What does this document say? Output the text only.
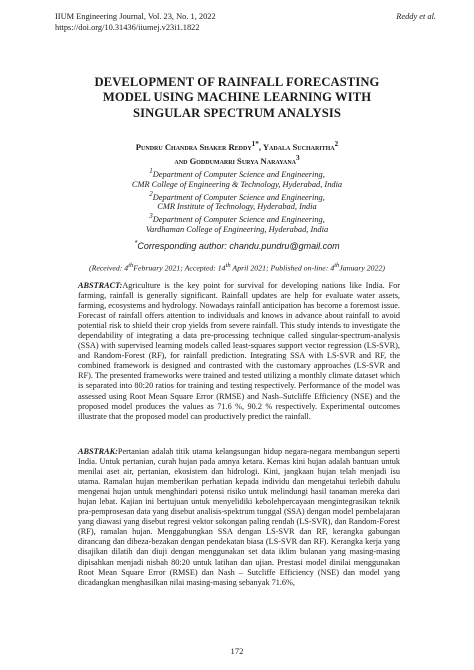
IIUM Engineering Journal, Vol. 23, No. 1, 2022	Reddy et al.
https://doi.org/10.31436/iiumej.v23i1.1822
DEVELOPMENT OF RAINFALL FORECASTING
MODEL USING MACHINE LEARNING WITH
SINGULAR SPECTRUM ANALYSIS
Pundru Chandra Shaker Reddy$^{1*}$, Yadala Sucharitha$^2$
and Goddumarri Surya Narayana$^3$
$^1$Department of Computer Science and Engineering,
CMR College of Engineering & Technology, Hyderabad, India
$^2$Department of Computer Science and Engineering,
CMR Institute of Technology, Hyderabad, India
$^3$Department of Computer Science and Engineering,
Vardhaman College of Engineering, Hyderabad, India
*Corresponding author: chandu.pundru@gmail.com
(Received: 4thFebruary 2021; Accepted: 14th April 2021; Published on-line: 4thJanuary 2022)
ABSTRACT:Agriculture is the key point for survival for developing nations like India. For farming, rainfall is generally significant. Rainfall updates are help for evaluate water assets, farming, ecosystems and hydrology. Nowadays rainfall anticipation has become a foremost issue. Forecast of rainfall offers attention to individuals and knows in advance about rainfall to avoid potential risk to shield their crop yields from severe rainfall. This study intends to investigate the dependability of integrating a data pre-processing technique called singular-spectrum-analysis (SSA) with supervised learning models called least-squares support vector regression (LS-SVR), and Random-Forest (RF), for rainfall prediction. Integrating SSA with LS-SVR and RF, the combined framework is designed and contrasted with the customary approaches (LS-SVR and RF). The presented frameworks were trained and tested utilizing a monthly climate dataset which is separated into 80:20 ratios for training and testing respectively. Performance of the model was assessed using Root Mean Square Error (RMSE) and Nash–Sutcliffe Efficiency (NSE) and the proposed model produces the values as 71.6 %, 90.2 % respectively. Experimental outcomes illustrate that the proposed model can productively predict the rainfall.
ABSTRAK:Pertanian adalah titik utama kelangsungan hidup negara-negara membangun seperti India. Untuk pertanian, curah hujan pada amnya ketara. Kemas kini hujan adalah bantuan untuk menilai aset air, pertanian, ekosistem dan hidrologi. Kini, jangkaan hujan telah menjadi isu utama. Ramalan hujan memberikan perhatian kepada individu dan mengetahui terlebih dahulu mengenai hujan untuk menghindari potensi risiko untuk melindungi hasil tanaman mereka dari hujan lebat. Kajian ini bertujuan untuk menyelidiki kebolehpercayaan mengintegrasikan teknik pra-pemprosesan data yang disebut analisis-spektrum tunggal (SSA) dengan model pembelajaran yang diawasi yang disebut regresi vektor sokongan paling rendah (LS-SVR), dan Random-Forest (RF), ramalan hujan. Menggabungkan SSA dengan LS-SVR dan RF, kerangka gabungan dirancang dan dibeza-bezakan dengan pendekatan biasa (LS-SVR dan RF). Kerangka kerja yang disajikan dilatih dan diuji dengan menggunakan set data iklim bulanan yang masing-masing dipisahkan menjadi nisbah 80:20 untuk latihan dan ujian. Prestasi model dinilai menggunakan Root Mean Square Error (RMSE) dan Nash – Sutcliffe Efficiency (NSE) dan model yang dicadangkan menghasilkan nilai masing-masing sebanyak 71.6%,
172
